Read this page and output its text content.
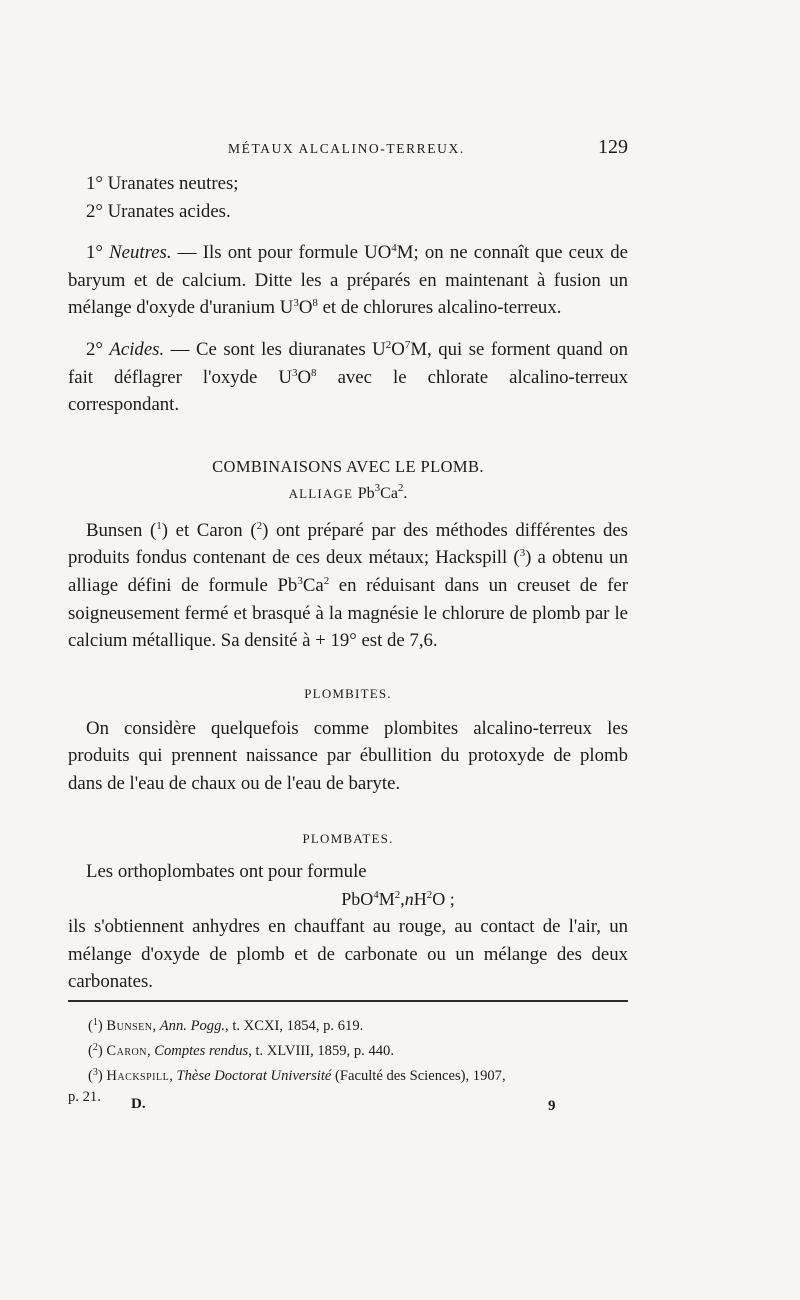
MÉTAUX ALCALINO-TERREUX.	129

1° Uranates neutres;

2° Uranates acides.

1° Neutres. — Ils ont pour formule $UO^4M$; on ne connaît que ceux de baryum et de calcium. Ditte les a préparés en maintenant à fusion un mélange d'oxyde d'uranium $U^3O^8$ et de chlorures alcalino-terreux.

2° Acides. — Ce sont les diuranates $U^2O^7M$, qui se forment quand on fait déflagrer l'oxyde $U^3O^8$ avec le chlorate alcalino-terreux correspondant.

COMBINAISONS AVEC LE PLOMB.

ALLIAGE Pb$^3$Ca$^2$.

Bunsen ($^1$) et Caron ($^2$) ont préparé par des méthodes différentes des produits fondus contenant de ces deux métaux; Hackspill ($^3$) a obtenu un alliage défini de formule Pb$^3$Ca$^2$ en réduisant dans un creuset de fer soigneusement fermé et brasqué à la magnésie le chlorure de plomb par le calcium métallique. Sa densité à + 19° est de 7,6.

PLOMBITES.

On considère quelquefois comme plombites alcalino-terreux les produits qui prennent naissance par ébullition du protoxyde de plomb dans de l'eau de chaux ou de l'eau de baryte.

PLOMBATES.

Les orthoplombates ont pour formule

$PbO^4M^2,nH^2O$ ;

ils s'obtiennent anhydres en chauffant au rouge, au contact de l'air, un mélange d'oxyde de plomb et de carbonate ou un mélange des deux carbonates.

($^1$) Bunsen, Ann. Pogg., t. XCXI, 1854, p. 619.

($^2$) Caron, Comptes rendus, t. XLVIII, 1859, p. 440.

($^3$) Hackspill, Thèse Doctorat Université (Faculté des Sciences), 1907,

p. 21.	D.	9
